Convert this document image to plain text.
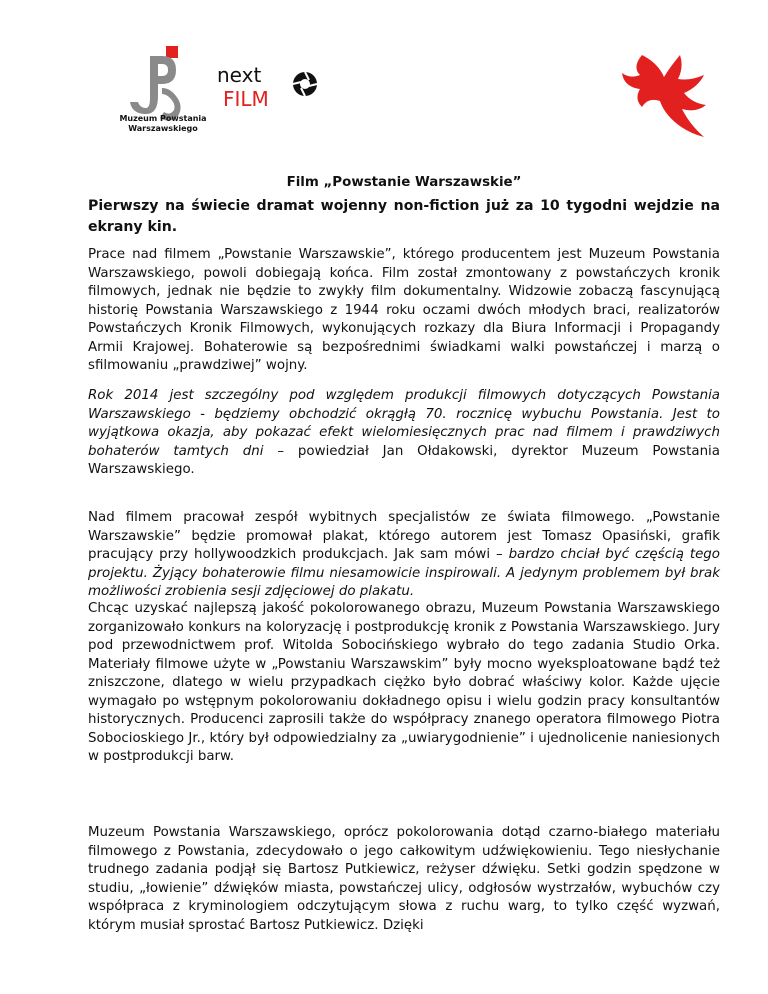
Muzeum Powstania
Warszawskiego
next
FILM
Film „Powstanie Warszawskie”
Pierwszy na świecie dramat wojenny non-fiction już za 10 tygodni wejdzie na ekrany kin.

Prace nad filmem „Powstanie Warszawskie”, którego producentem jest Muzeum Powstania Warszawskiego, powoli dobiegają końca. Film został zmontowany z powstańczych kronik filmowych, jednak nie będzie to zwykły film dokumentalny. Widzowie zobaczą fascynującą historię Powstania Warszawskiego z 1944 roku oczami dwóch młodych braci, realizatorów Powstańczych Kronik Filmowych, wykonujących rozkazy dla Biura Informacji i Propagandy Armii Krajowej. Bohaterowie są bezpośrednimi świadkami walki powstańczej i marzą o sfilmowaniu „prawdziwej” wojny.

Rok 2014 jest szczególny pod względem produkcji filmowych dotyczących Powstania Warszawskiego - będziemy obchodzić okrągłą 70. rocznicę wybuchu Powstania. Jest to wyjątkowa okazja, aby pokazać efekt wielomiesięcznych prac nad filmem i prawdziwych bohaterów tamtych dni – powiedział Jan Ołdakowski, dyrektor Muzeum Powstania Warszawskiego.

Nad filmem pracował zespół wybitnych specjalistów ze świata filmowego. „Powstanie Warszawskie” będzie promował plakat, którego autorem jest Tomasz Opasiński, grafik pracujący przy hollywoodzkich produkcjach. Jak sam mówi – bardzo chciał być częścią tego projektu. Żyjący bohaterowie filmu niesamowicie inspirowali. A jedynym problemem był brak możliwości zrobienia sesji zdjęciowej do plakatu.

Chcąc uzyskać najlepszą jakość pokolorowanego obrazu, Muzeum Powstania Warszawskiego zorganizowało konkurs na koloryzację i postprodukcję kronik z Powstania Warszawskiego. Jury pod przewodnictwem prof. Witolda Sobocińskiego wybrało do tego zadania Studio Orka. Materiały filmowe użyte w „Powstaniu Warszawskim” były mocno wyeksploatowane bądź też zniszczone, dlatego w wielu przypadkach ciężko było dobrać właściwy kolor. Każde ujęcie wymagało po wstępnym pokolorowaniu dokładnego opisu i wielu godzin pracy konsultantów historycznych. Producenci zaprosili także do współpracy znanego operatora filmowego Piotra Sobocioskiego Jr., który był odpowiedzialny za „uwiarygodnienie” i ujednolicenie naniesionych w postprodukcji barw.

Muzeum Powstania Warszawskiego, oprócz pokolorowania dotąd czarno-białego materiału filmowego z Powstania, zdecydowało o jego całkowitym udźwiękowieniu. Tego niesłychanie trudnego zadania podjął się Bartosz Putkiewicz, reżyser dźwięku. Setki godzin spędzone w studiu, „łowienie” dźwięków miasta, powstańczej ulicy, odgłosów wystrzałów, wybuchów czy współpraca z kryminologiem odczytującym słowa z ruchu warg, to tylko część wyzwań, którym musiał sprostać Bartosz Putkiewicz. Dzięki
